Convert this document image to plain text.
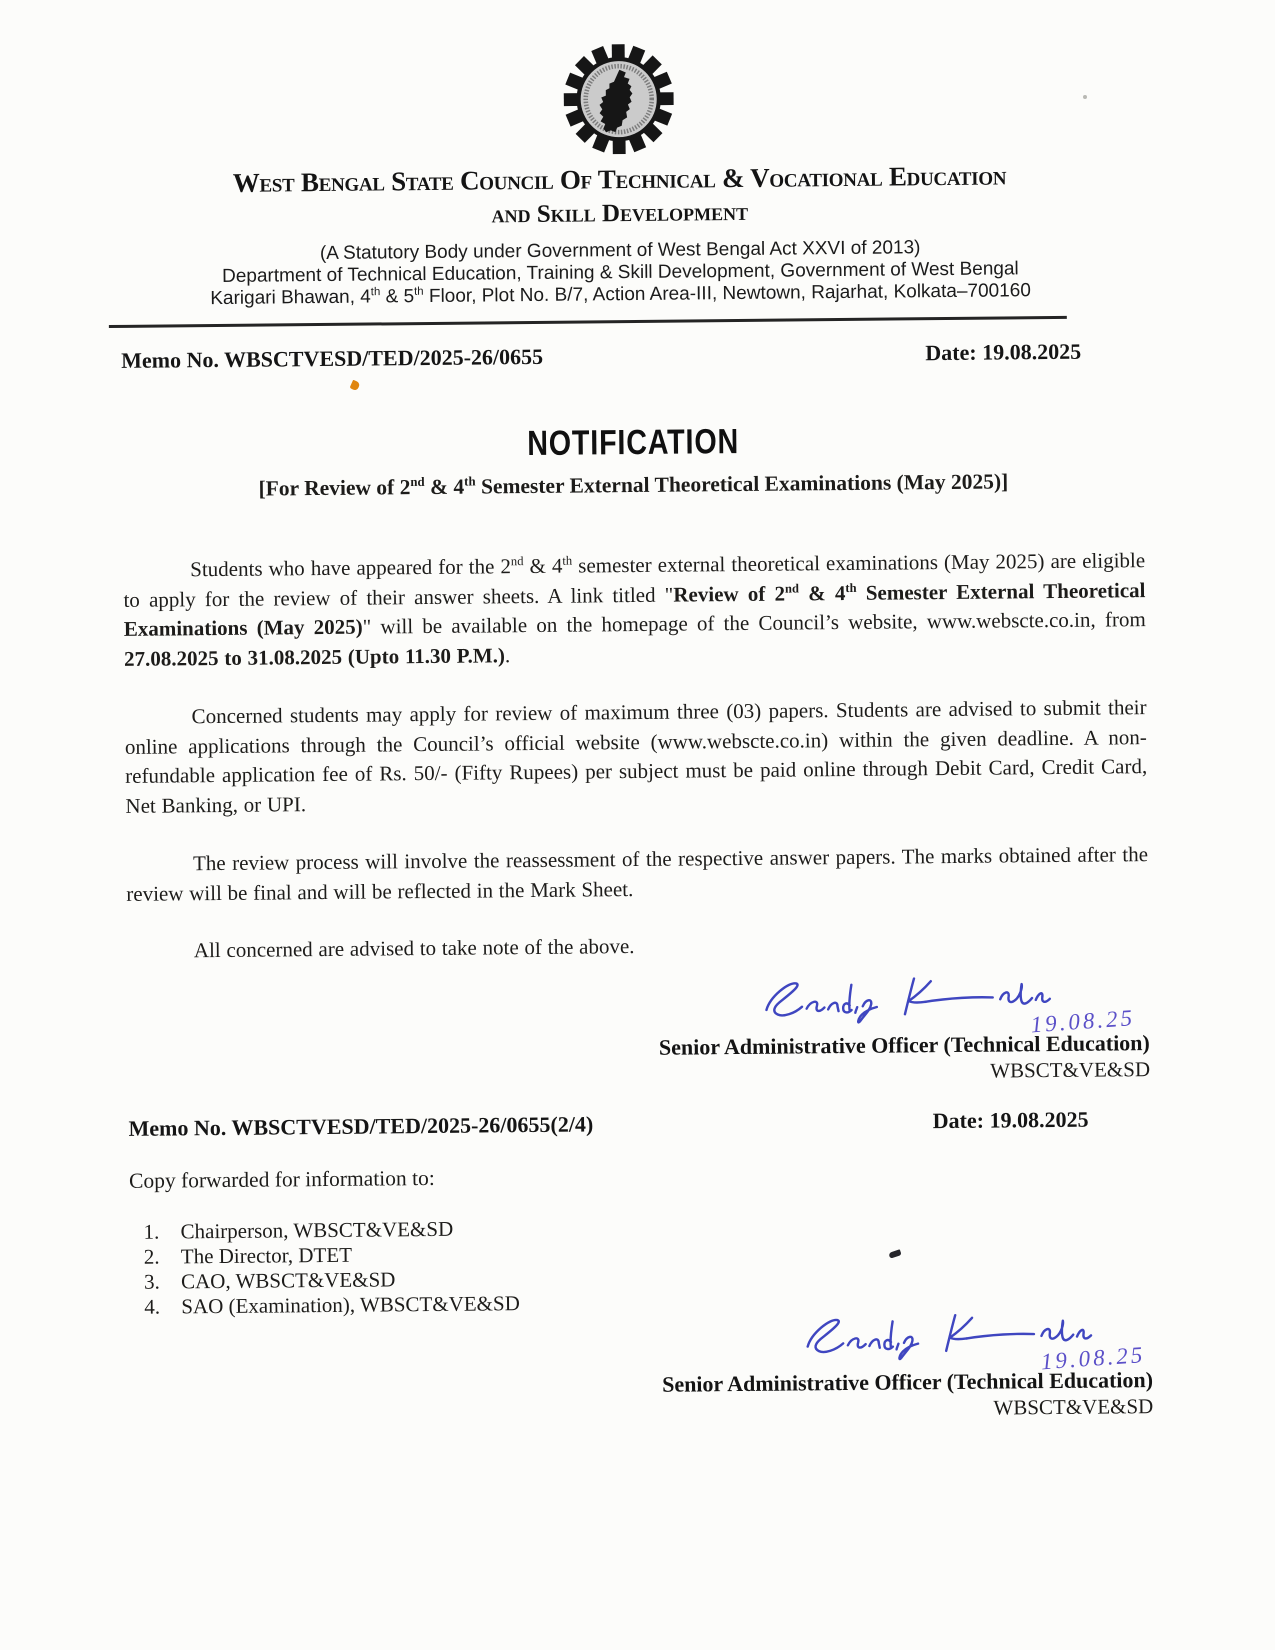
West Bengal State Council Of Technical & Vocational Education
and Skill Development
(A Statutory Body under Government of West Bengal Act XXVI of 2013)
Department of Technical Education, Training & Skill Development, Government of West Bengal
Karigari Bhawan, 4th & 5th Floor, Plot No. B/7, Action Area-III, Newtown, Rajarhat, Kolkata–700160
Memo No. WBSCTVESD/TED/2025-26/0655	Date: 19.08.2025
NOTIFICATION
[For Review of 2nd & 4th Semester External Theoretical Examinations (May 2025)]

Students who have appeared for the 2nd & 4th semester external theoretical examinations (May 2025) are eligible to apply for the review of their answer sheets. A link titled "Review of 2nd & 4th Semester External Theoretical Examinations (May 2025)" will be available on the homepage of the Council’s website, www.webscte.co.in, from 27.08.2025 to 31.08.2025 (Upto 11.30 P.M.).

Concerned students may apply for review of maximum three (03) papers. Students are advised to submit their online applications through the Council’s official website (www.webscte.co.in) within the given deadline. A non-refundable application fee of Rs. 50/- (Fifty Rupees) per subject must be paid online through Debit Card, Credit Card, Net Banking, or UPI.

The review process will involve the reassessment of the respective answer papers. The marks obtained after the review will be final and will be reflected in the Mark Sheet.

All concerned are advised to take note of the above.

19.08.25
Senior Administrative Officer (Technical Education)
WBSCT&VE&SD
Memo No. WBSCTVESD/TED/2025-26/0655(2/4)	Date: 19.08.2025

Copy forwarded for information to:

1. Chairperson, WBSCT&VE&SD
2. The Director, DTET
3. CAO, WBSCT&VE&SD
4. SAO (Examination), WBSCT&VE&SD
19.08.25
Senior Administrative Officer (Technical Education)
WBSCT&VE&SD
